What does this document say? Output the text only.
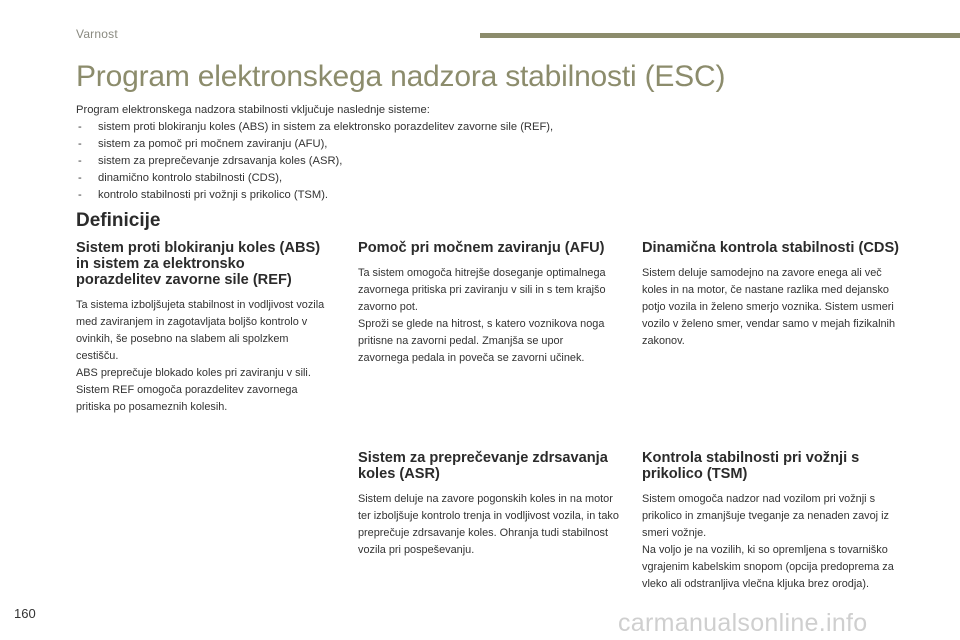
Varnost
Program elektronskega nadzora stabilnosti (ESC)
Program elektronskega nadzora stabilnosti vključuje naslednje sisteme:
- sistem proti blokiranju koles (ABS) in sistem za elektronsko porazdelitev zavorne sile (REF),
- sistem za pomoč pri močnem zaviranju (AFU),
- sistem za preprečevanje zdrsavanja koles (ASR),
- dinamično kontrolo stabilnosti (CDS),
- kontrolo stabilnosti pri vožnji s prikolico (TSM).
Definicije
Sistem proti blokiranju koles (ABS) in sistem za elektronsko porazdelitev zavorne sile (REF)

Ta sistema izboljšujeta stabilnost in vodljivost vozila med zaviranjem in zagotavljata boljšo kontrolo v ovinkih, še posebno na slabem ali spolzkem cestišču.
ABS preprečuje blokado koles pri zaviranju v sili.
Sistem REF omogoča porazdelitev zavornega pritiska po posameznih kolesih.

Pomoč pri močnem zaviranju (AFU)

Ta sistem omogoča hitrejše doseganje optimalnega zavornega pritiska pri zaviranju v sili in s tem krajšo zavorno pot.
Sproži se glede na hitrost, s katero voznikova noga pritisne na zavorni pedal. Zmanjša se upor zavornega pedala in poveča se zavorni učinek.

Dinamična kontrola stabilnosti (CDS)

Sistem deluje samodejno na zavore enega ali več koles in na motor, če nastane razlika med dejansko potjo vozila in želeno smerjo voznika. Sistem usmeri vozilo v želeno smer, vendar samo v mejah fizikalnih zakonov.

Sistem za preprečevanje zdrsavanja koles (ASR)

Sistem deluje na zavore pogonskih koles in na motor ter izboljšuje kontrolo trenja in vodljivost vozila, in tako preprečuje zdrsavanje koles. Ohranja tudi stabilnost vozila pri pospeševanju.

Kontrola stabilnosti pri vožnji s prikolico (TSM)

Sistem omogoča nadzor nad vozilom pri vožnji s prikolico in zmanjšuje tveganje za nenaden zavoj iz smeri vožnje.
Na voljo je na vozilih, ki so opremljena s tovarniško vgrajenim kabelskim snopom (opcija predoprema za vleko ali odstranljiva vlečna kljuka brez orodja).

160	carmanualsonline.info
